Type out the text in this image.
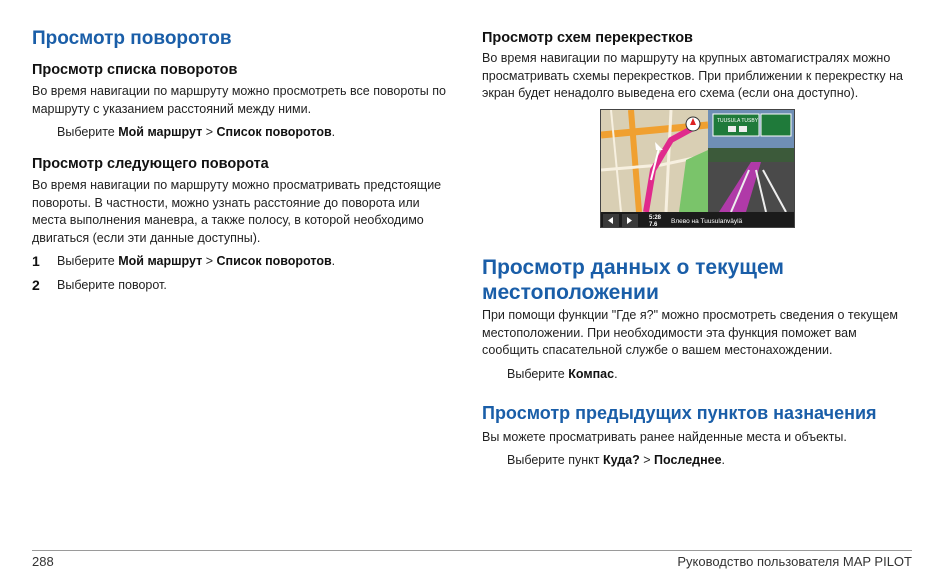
Просмотр поворотов
Просмотр списка поворотов
Во время навигации по маршруту можно просмотреть все повороты по маршруту с указанием расстояний между ними.
Выберите Мой маршрут > Список поворотов.
Просмотр следующего поворота
Во время навигации по маршруту можно просматривать предстоящие повороты. В частности, можно узнать расстояние до поворота или места выполнения маневра, а также полосу, в которой необходимо двигаться (если эти данные доступны).
1 Выберите Мой маршрут > Список поворотов.
2 Выберите поворот.
Просмотр схем перекрестков
Во время навигации по маршруту на крупных автомагистралях можно просматривать схемы перекрестков. При приближении к перекрестку на экран будет ненадолго выведена его схема (если она доступно).
TUUSULA TUSBY
5:28
7.6 Влево на Tuusulanväylä
Просмотр данных о текущем
местоположении
При помощи функции "Где я?" можно просмотреть сведения о текущем местоположении. При необходимости эта функция поможет вам сообщить спасательной службе о вашем местонахождении.
Выберите Компас.
Просмотр предыдущих пунктов назначения
Вы можете просматривать ранее найденные места и объекты.
Выберите пункт Куда? > Последнее.
288	Руководство пользователя MAP PILOT
